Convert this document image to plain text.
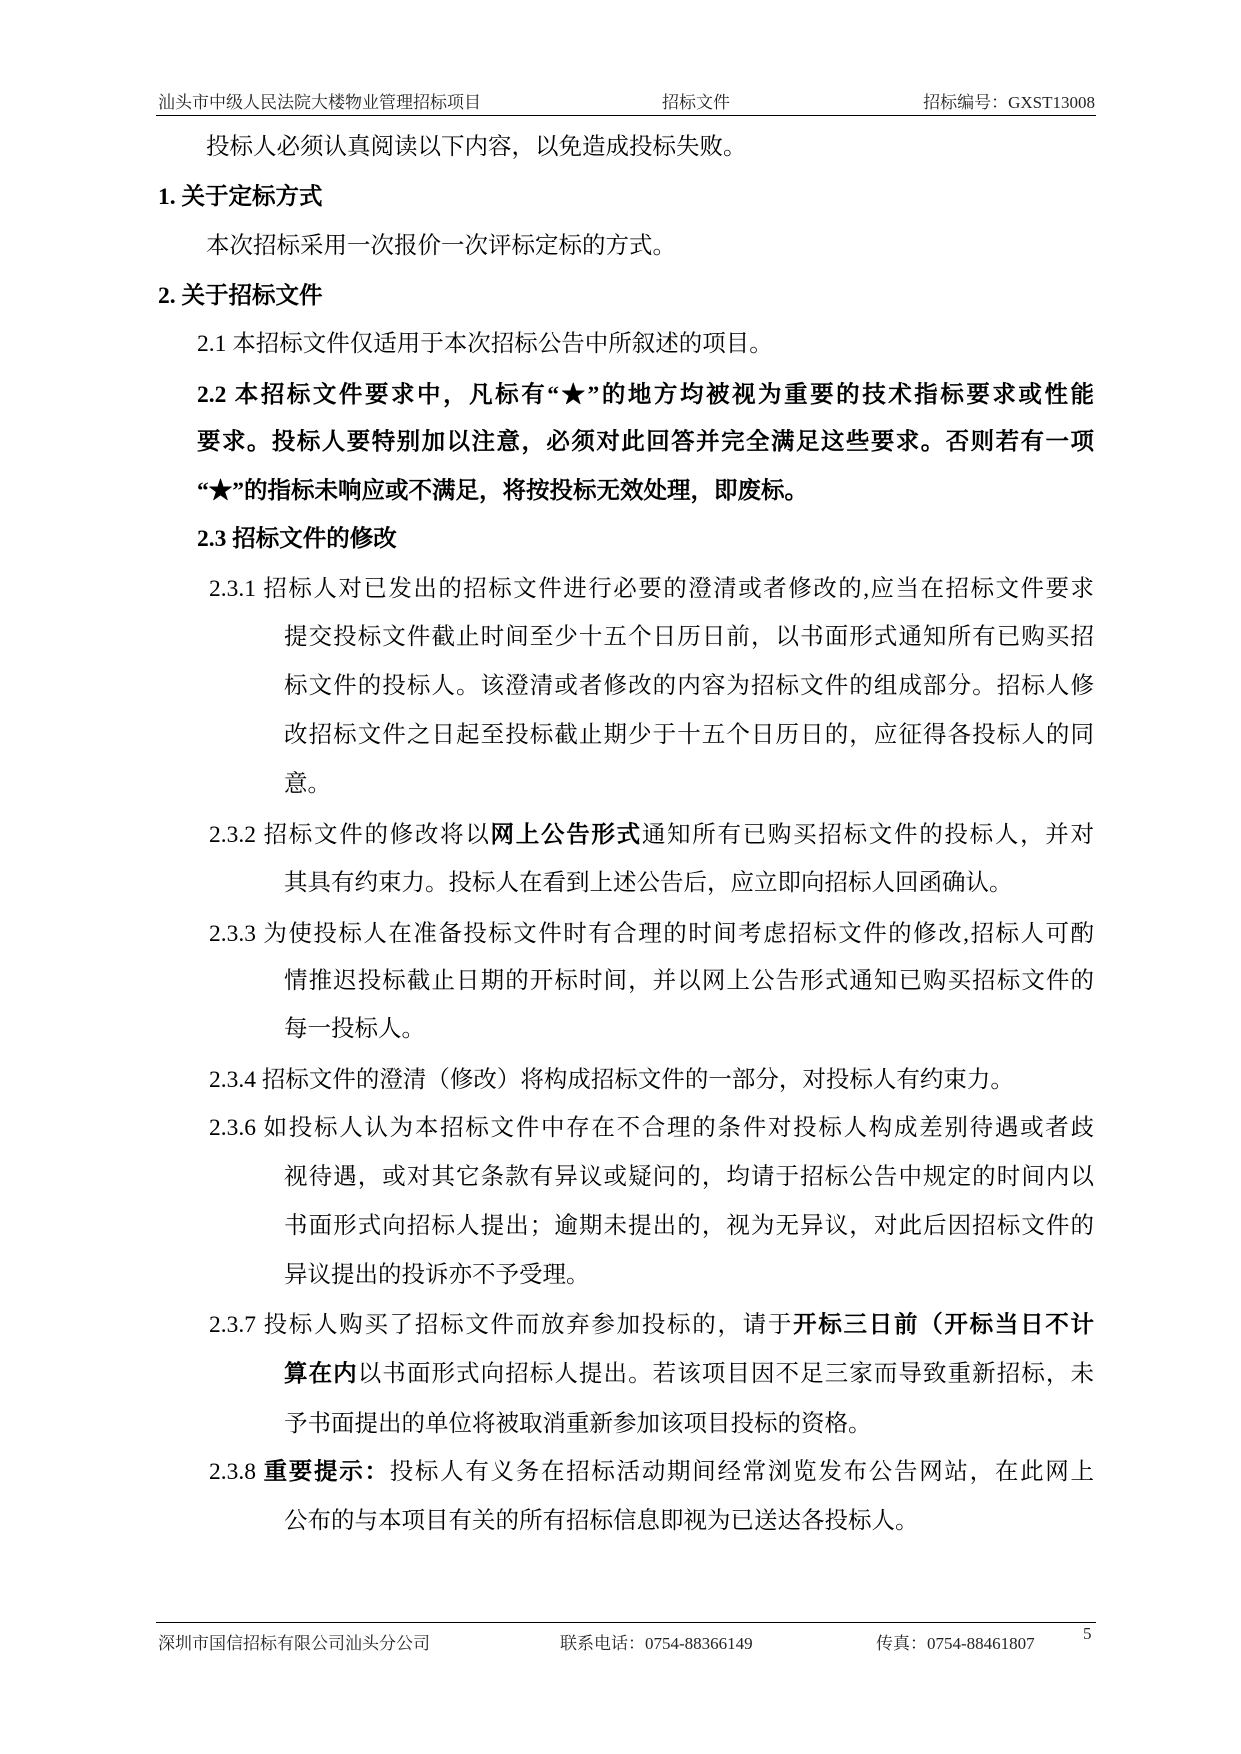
汕头市中级人民法院大楼物业管理招标项目	招标文件	招标编号：GXST13008
投标人必须认真阅读以下内容，以免造成投标失败。
1. 关于定标方式
本次招标采用一次报价一次评标定标的方式。
2. 关于招标文件
2.1 本招标文件仅适用于本次招标公告中所叙述的项目。
2.2 本招标文件要求中，凡标有“★”的地方均被视为重要的技术指标要求或性能
要求。投标人要特别加以注意，必须对此回答并完全满足这些要求。否则若有一项
“★”的指标未响应或不满足，将按投标无效处理，即废标。
2.3 招标文件的修改
2.3.1 招标人对已发出的招标文件进行必要的澄清或者修改的,应当在招标文件要求
提交投标文件截止时间至少十五个日历日前，以书面形式通知所有已购买招
标文件的投标人。该澄清或者修改的内容为招标文件的组成部分。招标人修
改招标文件之日起至投标截止期少于十五个日历日的，应征得各投标人的同
意。
2.3.2 招标文件的修改将以网上公告形式通知所有已购买招标文件的投标人，并对
其具有约束力。投标人在看到上述公告后，应立即向招标人回函确认。
2.3.3 为使投标人在准备投标文件时有合理的时间考虑招标文件的修改,招标人可酌
情推迟投标截止日期的开标时间，并以网上公告形式通知已购买招标文件的
每一投标人。
2.3.4 招标文件的澄清（修改）将构成招标文件的一部分，对投标人有约束力。
2.3.6 如投标人认为本招标文件中存在不合理的条件对投标人构成差别待遇或者歧
视待遇，或对其它条款有异议或疑问的，均请于招标公告中规定的时间内以
书面形式向招标人提出；逾期未提出的，视为无异议，对此后因招标文件的
异议提出的投诉亦不予受理。
2.3.7 投标人购买了招标文件而放弃参加投标的，请于开标三日前（开标当日不计
算在内以书面形式向招标人提出。若该项目因不足三家而导致重新招标，未
予书面提出的单位将被取消重新参加该项目投标的资格。
2.3.8 重要提示：投标人有义务在招标活动期间经常浏览发布公告网站，在此网上
公布的与本项目有关的所有招标信息即视为已送达各投标人。
深圳市国信招标有限公司汕头分公司	联系电话：0754-88366149	传真：0754-88461807
5
